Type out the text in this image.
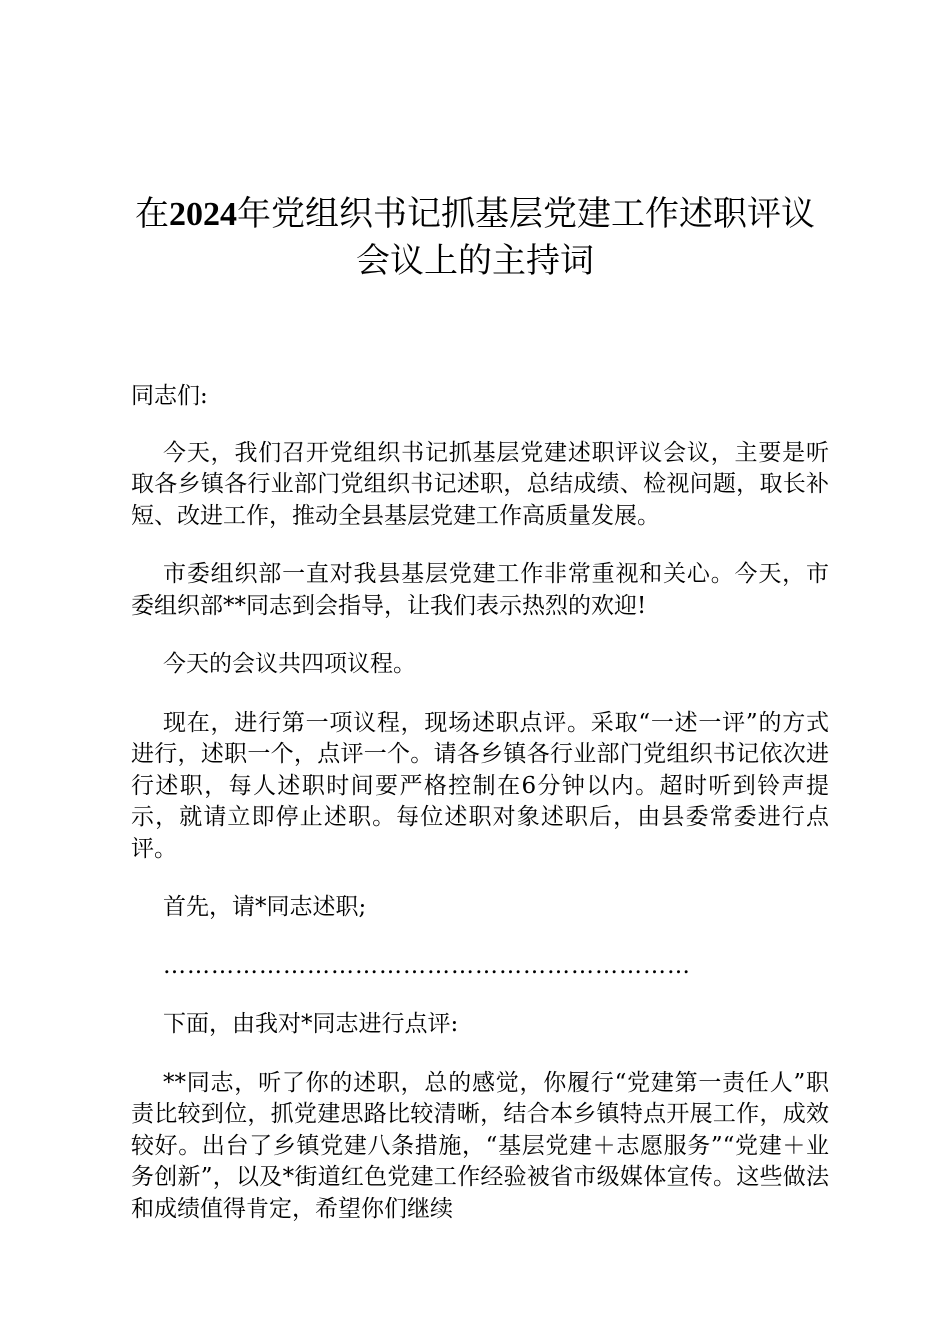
在2024年党组织书记抓基层党建工作述职评议会议上的主持词

同志们:

今天，我们召开党组织书记抓基层党建述职评议会议，主要是听取各乡镇各行业部门党组织书记述职，总结成绩、检视问题，取长补短、改进工作，推动全县基层党建工作高质量发展。

市委组织部一直对我县基层党建工作非常重视和关心。今天，市委组织部**同志到会指导，让我们表示热烈的欢迎!

今天的会议共四项议程。

现在，进行第一项议程，现场述职点评。采取“一述一评”的方式进行，述职一个，点评一个。请各乡镇各行业部门党组织书记依次进行述职，每人述职时间要严格控制在6分钟以内。超时听到铃声提示，就请立即停止述职。每位述职对象述职后，由县委常委进行点评。

首先，请*同志述职;

…………………………………………………………

下面，由我对*同志进行点评:

**同志，听了你的述职，总的感觉，你履行“党建第一责任人”职责比较到位，抓党建思路比较清晰，结合本乡镇特点开展工作，成效较好。出台了乡镇党建八条措施，“基层党建＋志愿服务”“党建＋业务创新”，以及*街道红色党建工作经验被省市级媒体宣传。这些做法和成绩值得肯定，希望你们继续
